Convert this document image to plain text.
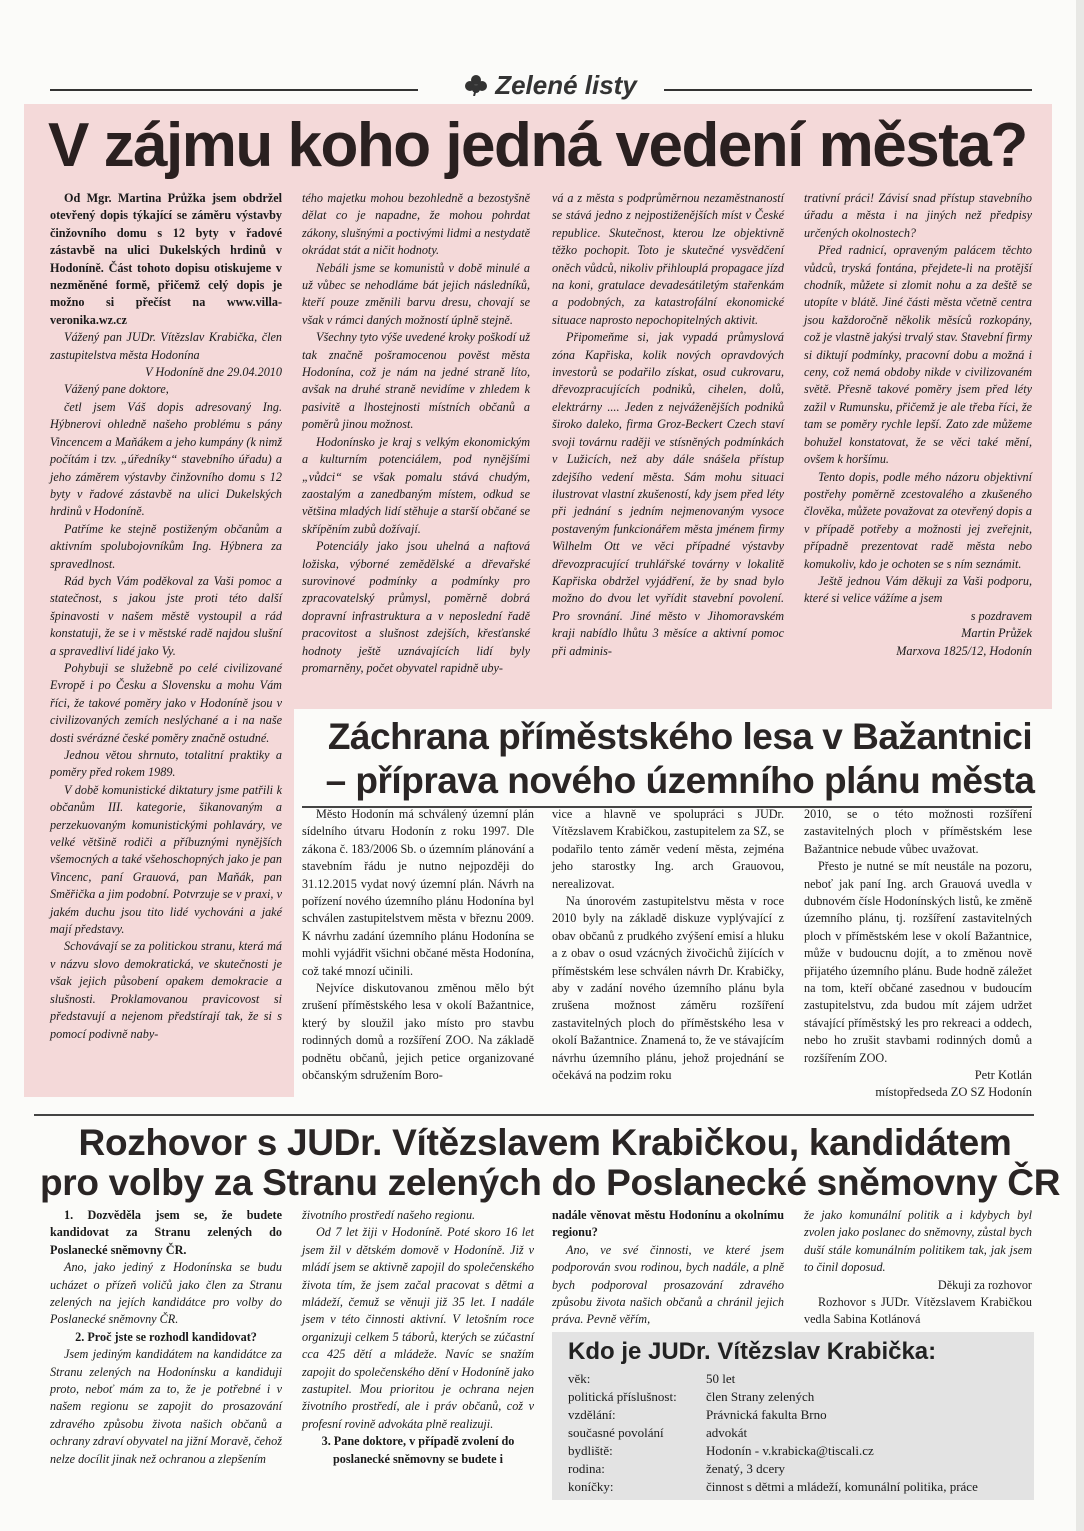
Zelené listy
V zájmu koho jedná vedení města?

Od Mgr. Martina Průžka jsem obdržel otevřený dopis týkající se záměru výstavby činžovního domu s 12 byty v řadové zástavbě na ulici Dukelských hrdinů v Hodoníně. Část tohoto dopisu otiskujeme v nezměněné formě, přičemž celý dopis je možno si přečíst na www.villa-veronika.wz.cz

Vážený pan JUDr. Vítězslav Krabička, člen zastupitelstva města Hodonína

V Hodoníně dne 29.04.2010

Vážený pane doktore,

četl jsem Váš dopis adresovaný Ing. Hýbnerovi ohledně našeho problému s pány Vincencem a Maňákem a jeho kumpány (k nimž počítám i tzv. „úředníky“ stavebního úřadu) a jeho záměrem výstavby činžovního domu s 12 byty v řadové zástavbě na ulici Dukelských hrdinů v Hodoníně.

Patříme ke stejně postiženým občanům a aktivním spolubojovníkům Ing. Hýbnera za spravedlnost.

Rád bych Vám poděkoval za Vaši pomoc a statečnost, s jakou jste proti této další špinavosti v našem městě vystoupil a rád konstatuji, že se i v městské radě najdou slušní a spravedliví lidé jako Vy.

Pohybuji se služebně po celé civilizované Evropě i po Česku a Slovensku a mohu Vám říci, že takové poměry jako v Hodoníně jsou v civilizovaných zemích neslýchané a i na naše dosti svérázné české poměry značně ostudné.

Jednou větou shrnuto, totalitní praktiky a poměry před rokem 1989.

V době komunistické diktatury jsme patřili k občanům III. kategorie, šikanovaným a perzekuovaným komunistickými pohlaváry, ve velké většině rodiči a příbuznými nynějších všemocných a také všehoschopných jako je pan Vincenc, paní Grauová, pan Maňák, pan Směřička a jim podobní. Potvrzuje se v praxi, v jakém duchu jsou tito lidé vychováni a jaké mají představy.

Schovávají se za politickou stranu, která má v názvu slovo demokratická, ve skutečnosti je však jejich působení opakem demokracie a slušnosti. Proklamovanou pravicovost si představují a nejenom předstírají tak, že si s pomocí podivně naby-

tého majetku mohou bezohledně a bezostyšně dělat co je napadne, že mohou pohrdat zákony, slušnými a poctivými lidmi a nestydatě okrádat stát a ničit hodnoty.

Nebáli jsme se komunistů v době minulé a už vůbec se nehodláme bát jejich následníků, kteří pouze změnili barvu dresu, chovají se však v rámci daných možností úplně stejně.

Všechny tyto výše uvedené kroky poškodí už tak značně pošramocenou pověst města Hodonína, což je nám na jedné straně líto, avšak na druhé straně nevidíme v zhledem k pasivitě a lhostejnosti místních občanů a poměrů jinou možnost.

Hodonínsko je kraj s velkým ekonomickým a kulturním potenciálem, pod nynějšími „vůdci“ se však pomalu stává chudým, zaostalým a zanedbaným místem, odkud se většina mladých lidí stěhuje a starší občané se skřípěním zubů dožívají.

Potenciály jako jsou uhelná a naftová ložiska, výborné zemědělské a dřevařské surovinové podmínky a podmínky pro zpracovatelský průmysl, poměrně dobrá dopravní infrastruktura a v neposlední řadě pracovitost a slušnost zdejších, křesťanské hodnoty ještě uznávajících lidí byly promarněny, počet obyvatel rapidně uby-

vá a z města s podprůměrnou nezaměstnaností se stává jedno z nejpostiženějších míst v České republice. Skutečnost, kterou lze objektivně těžko pochopit. Toto je skutečné vysvědčení oněch vůdců, nikoliv přihlouplá propagace jízd na koni, gratulace devadesátiletým stařenkám a podobných, za katastrofální ekonomické situace naprosto nepochopitelných aktivit.

Připomeňme si, jak vypadá průmyslová zóna Kapřiska, kolik nových opravdových investorů se podařilo získat, osud cukrovaru, dřevozpracujících podniků, cihelen, dolů, elektrárny .... Jeden z nejváženějších podniků široko daleko, firma Groz-Beckert Czech staví svoji továrnu raději ve stísněných podmínkách v Lužicích, než aby dále snášela přístup zdejšího vedení města. Sám mohu situaci ilustrovat vlastní zkušeností, kdy jsem před léty při jednání s jedním nejmenovaným vysoce postaveným funkcionářem města jménem firmy Wilhelm Ott ve věci případné výstavby dřevozpracující truhlářské továrny v lokalitě Kapřiska obdržel vyjádření, že by snad bylo možno do dvou let vyřídit stavební povolení. Pro srovnání. Jiné město v Jihomoravském kraji nabídlo lhůtu 3 měsíce a aktivní pomoc při adminis-

trativní práci! Závisí snad přístup stavebního úřadu a města i na jiných než předpisy určených okolnostech?

Před radnicí, opraveným palácem těchto vůdců, tryská fontána, přejdete-li na protější chodník, můžete si zlomit nohu a za deště se utopíte v blátě. Jiné části města včetně centra jsou každoročně několik měsíců rozkopány, což je vlastně jakýsi trvalý stav. Stavební firmy si diktují podmínky, pracovní dobu a možná i ceny, což nemá obdoby nikde v civilizovaném světě. Přesně takové poměry jsem před léty zažil v Rumunsku, přičemž je ale třeba říci, že tam se poměry rychle lepší. Zato zde můžeme bohužel konstatovat, že se věci také mění, ovšem k horšímu.

Tento dopis, podle mého názoru objektivní postřehy poměrně zcestovalého a zkušeného člověka, můžete považovat za otevřený dopis a v případě potřeby a možnosti jej zveřejnit, případně prezentovat radě města nebo komukoliv, kdo je ochoten se s ním seznámit.

Ještě jednou Vám děkuji za Vaši podporu, které si velice vážíme a jsem

s pozdravem

Martin Průžek

Marxova 1825/12, Hodonín

Záchrana příměstského lesa v Bažantnici
– příprava nového územního plánu města

Město Hodonín má schválený územní plán sídelního útvaru Hodonín z roku 1997. Dle zákona č. 183/2006 Sb. o územním plánování a stavebním řádu je nutno nejpozději do 31.12.2015 vydat nový územní plán. Návrh na pořízení nového územního plánu Hodonína byl schválen zastupitelstvem města v březnu 2009. K návrhu zadání územního plánu Hodonína se mohli vyjádřit všichni občané města Hodonína, což také mnozí učinili.

Nejvíce diskutovanou změnou mělo být zrušení příměstského lesa v okolí Bažantnice, který by sloužil jako místo pro stavbu rodinných domů a rozšíření ZOO. Na základě podnětu občanů, jejich petice organizované občanským sdružením Boro-

vice a hlavně ve spolupráci s JUDr. Vítězslavem Krabičkou, zastupitelem za SZ, se podařilo tento záměr vedení města, zejména jeho starostky Ing. arch Grauovou, nerealizovat.

Na únorovém zastupitelstvu města v roce 2010 byly na základě diskuze vyplývající z obav občanů z prudkého zvýšení emisí a hluku a z obav o osud vzácných živočichů žijících v příměstském lese schválen návrh Dr. Krabičky, aby v zadání nového územního plánu byla zrušena možnost záměru rozšíření zastavitelných ploch do příměstského lesa v okolí Bažantnice. Znamená to, že ve stávajícím návrhu územního plánu, jehož projednání se očekává na podzim roku

2010, se o této možnosti rozšíření zastavitelných ploch v příměstském lese Bažantnice nebude vůbec uvažovat.

Přesto je nutné se mít neustále na pozoru, neboť jak paní Ing. arch Grauová uvedla v dubnovém čísle Hodonínských listů, ke změně územního plánu, tj. rozšíření zastavitelných ploch v příměstském lese v okolí Bažantnice, může v budoucnu dojít, a to změnou nově přijatého územního plánu. Bude hodně záležet na tom, kteří občané zasednou v budoucím zastupitelstvu, zda budou mít zájem udržet stávající příměstský les pro rekreaci a oddech, nebo ho zrušit stavbami rodinných domů a rozšířením ZOO.

Petr Kotlán
místopředseda ZO SZ Hodonín
Rozhovor s JUDr. Vítězslavem Krabičkou, kandidátem
pro volby za Stranu zelených do Poslanecké sněmovny ČR

1. Dozvěděla jsem se, že budete kandidovat za Stranu zelených do Poslanecké sněmovny ČR.

Ano, jako jediný z Hodonínska se budu ucházet o přízeň voličů jako člen za Stranu zelených na jejích kandidátce pro volby do Poslanecké sněmovny ČR.

2. Proč jste se rozhodl kandidovat?

Jsem jediným kandidátem na kandidátce za Stranu zelených na Hodonínsku a kandiduji proto, neboť mám za to, že je potřebné i v našem regionu se zapojit do prosazování zdravého způsobu života našich občanů a ochrany zdraví obyvatel na jižní Moravě, čehož nelze docílit jinak než ochranou a zlepšením

životního prostředí našeho regionu.

Od 7 let žiji v Hodoníně. Poté skoro 16 let jsem žil v dětském domově v Hodoníně. Již v mládí jsem se aktivně zapojil do společenského života tím, že jsem začal pracovat s dětmi a mládeží, čemuž se věnuji již 35 let. I nadále jsem v této činnosti aktivní. V letošním roce organizuji celkem 5 táborů, kterých se zúčastní cca 425 dětí a mládeže. Navíc se snažím zapojit do společenského dění v Hodoníně jako zastupitel. Mou prioritou je ochrana nejen životního prostředí, ale i práv občanů, což v profesní rovině advokáta plně realizuji.

3. Pane doktore, v případě zvolení do poslanecké sněmovny se budete i

nadále věnovat městu Hodonínu a okolnímu regionu?

Ano, ve své činnosti, ve které jsem podporován svou rodinou, bych nadále, a plně bych podporoval prosazování zdravého způsobu života našich občanů a chránil jejich práva. Pevně věřím,

že jako komunální politik a i kdybych byl zvolen jako poslanec do sněmovny, zůstal bych duší stále komunálním politikem tak, jak jsem to činil doposud.

Děkuji za rozhovor

Rozhovor s JUDr. Vítězslavem Krabičkou vedla Sabina Kotlánová

Kdo je JUDr. Vítězslav Krabička:
věk:	50 let
politická příslušnost: člen Strany zelených
vzdělání:	Právnická fakulta Brno
současné povolání	advokát
bydliště:	Hodonín - v.krabicka@tiscali.cz
rodina:	ženatý, 3 dcery
koníčky:	činnost s dětmi a mládeží, komunální politika, práce
